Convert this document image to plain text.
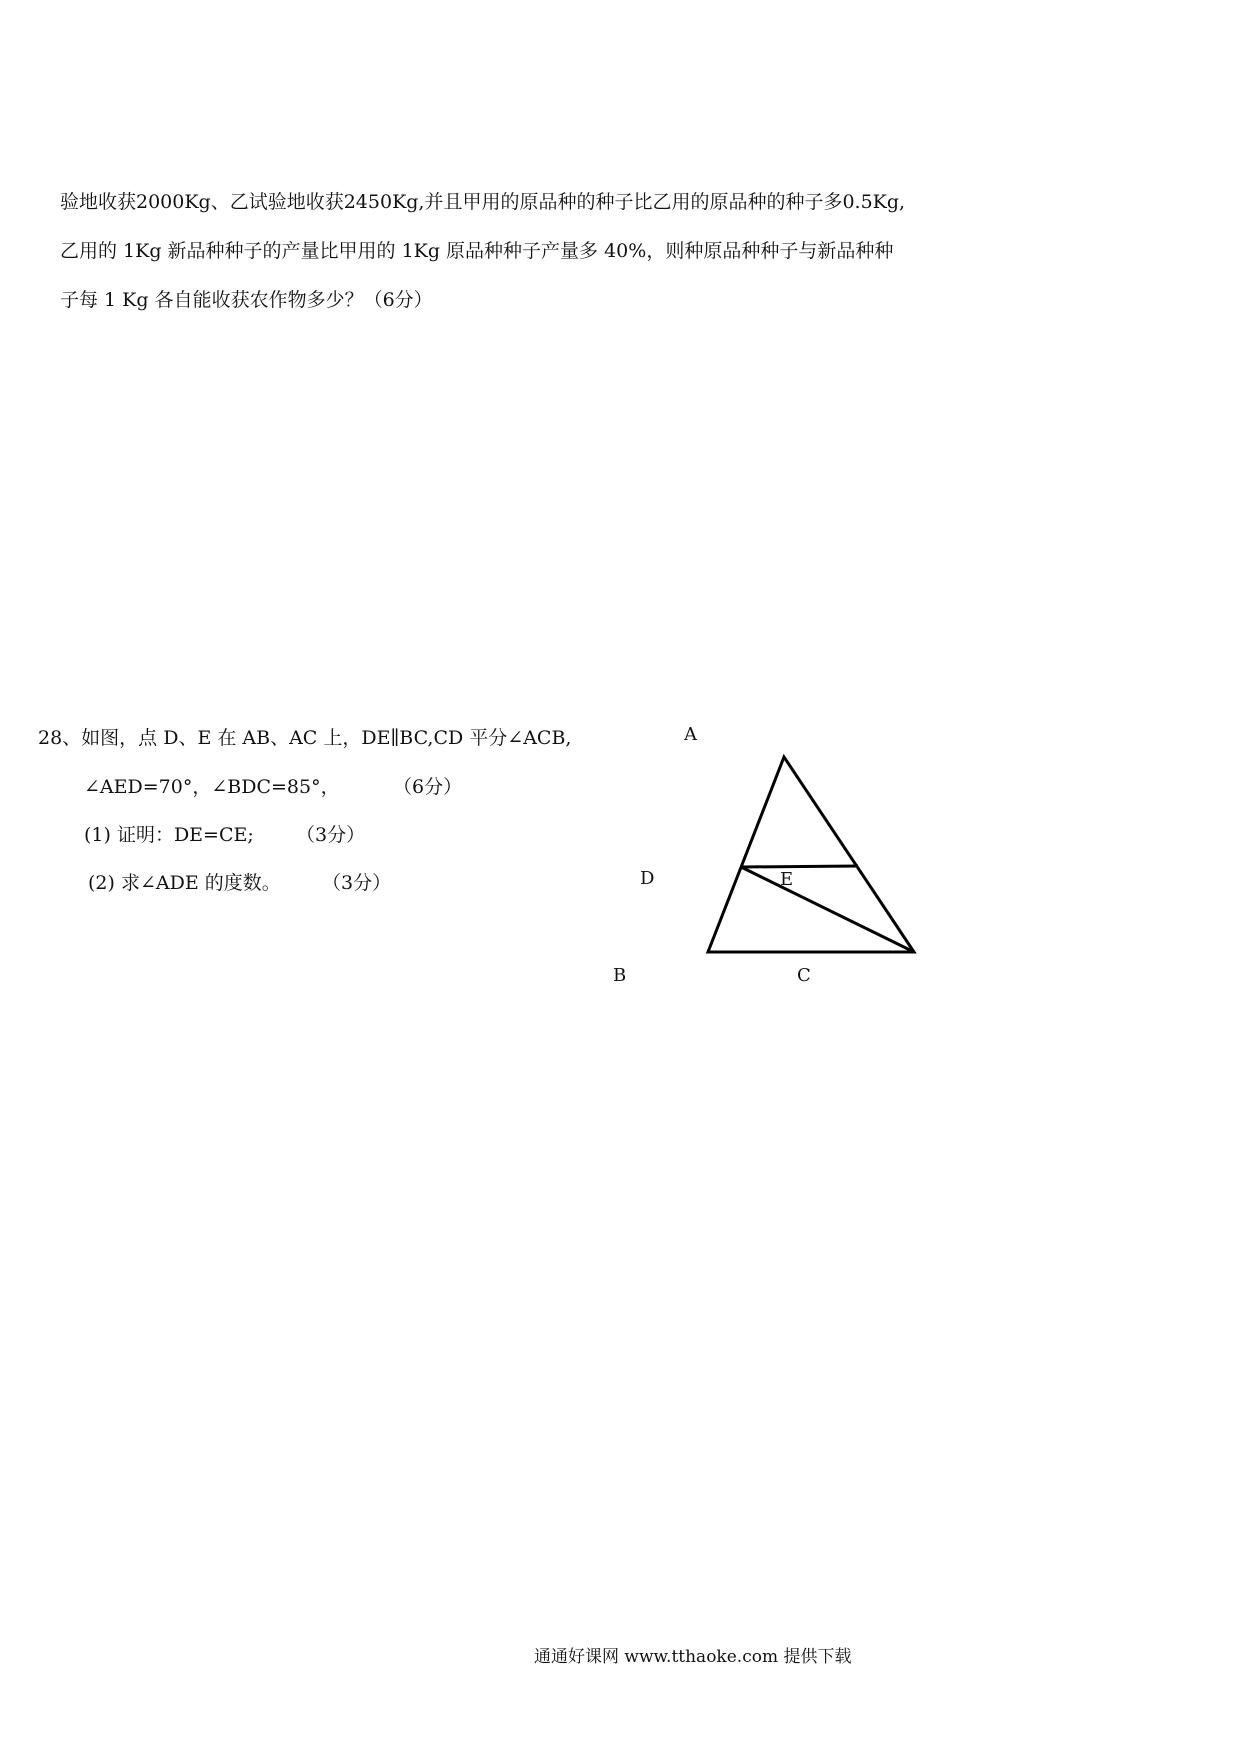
验地收获2000Kg、乙试验地收获2450Kg,并且甲用的原品种的种子比乙用的原品种的种子多0.5Kg,
乙用的 1Kg 新品种种子的产量比甲用的 1Kg 原品种种子产量多 40%，则种原品种种子与新品种种
子每 1 Kg 各自能收获农作物多少？（6分）
28、如图，点 D、E 在 AB、AC 上，DE∥BC,CD 平分∠ACB,
∠AED=70°，∠BDC=85°，	（6分）
(1) 证明：DE=CE; （3分）
(2) 求∠ADE 的度数。 （3分）
A
D	E
B	C
通通好课网 www.tthaoke.com 提供下载
